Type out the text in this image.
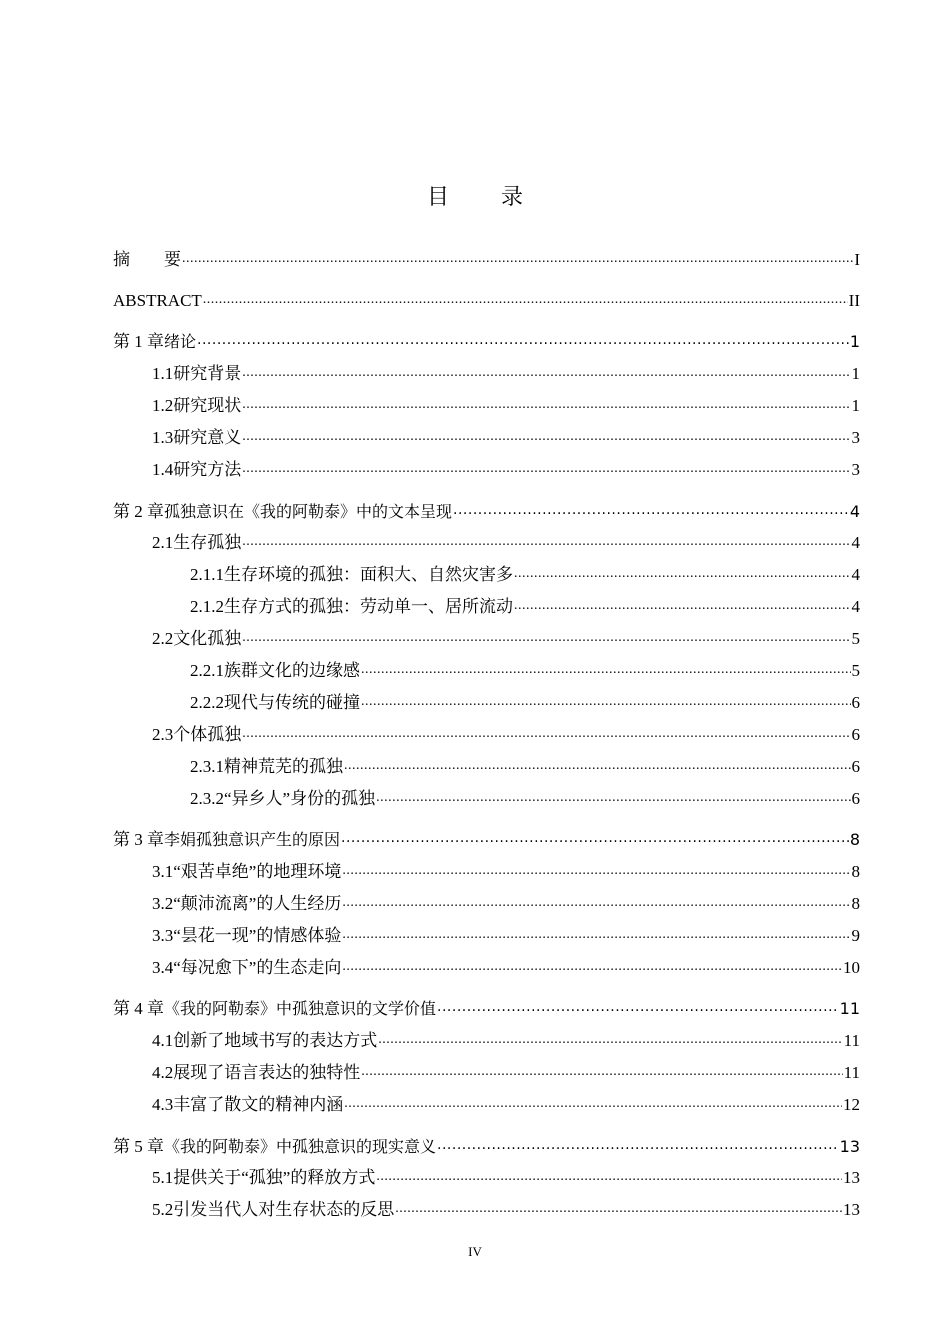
目 录
摘　　要 .....	I
ABSTRACT .....	II
第 1 章 绪论 .....	1
1.1 研究背景 .....	1
1.2 研究现状 .....	1
1.3 研究意义 .....	3
1.4 研究方法 .....	3
第 2 章 孤独意识在《我的阿勒泰》中的文本呈现 .....	4
2.1 生存孤独 .....	4
2.1.1 生存环境的孤独：面积大、自然灾害多 .....	4
2.1.2 生存方式的孤独：劳动单一、居所流动 .....	4
2.2 文化孤独 .....	5
2.2.1 族群文化的边缘感 .....	5
2.2.2 现代与传统的碰撞 .....	6
2.3 个体孤独 .....	6
2.3.1 精神荒芜的孤独 .....	6
2.3.2 “异乡人”身份的孤独 .....	6
第 3 章 李娟孤独意识产生的原因 .....	8
3.1 “艰苦卓绝”的地理环境 .....	8
3.2 “颠沛流离”的人生经历 .....	8
3.3 “昙花一现”的情感体验 .....	9
3.4 “每况愈下”的生态走向 .....	10
第 4 章 《我的阿勒泰》中孤独意识的文学价值 .....	11
4.1 创新了地域书写的表达方式 .....	11
4.2 展现了语言表达的独特性 .....	11
4.3 丰富了散文的精神内涵 .....	12
第 5 章 《我的阿勒泰》中孤独意识的现实意义 .....	13
5.1 提供关于“孤独”的释放方式 .....	13
5.2 引发当代人对生存状态的反思 .....	13
IV
